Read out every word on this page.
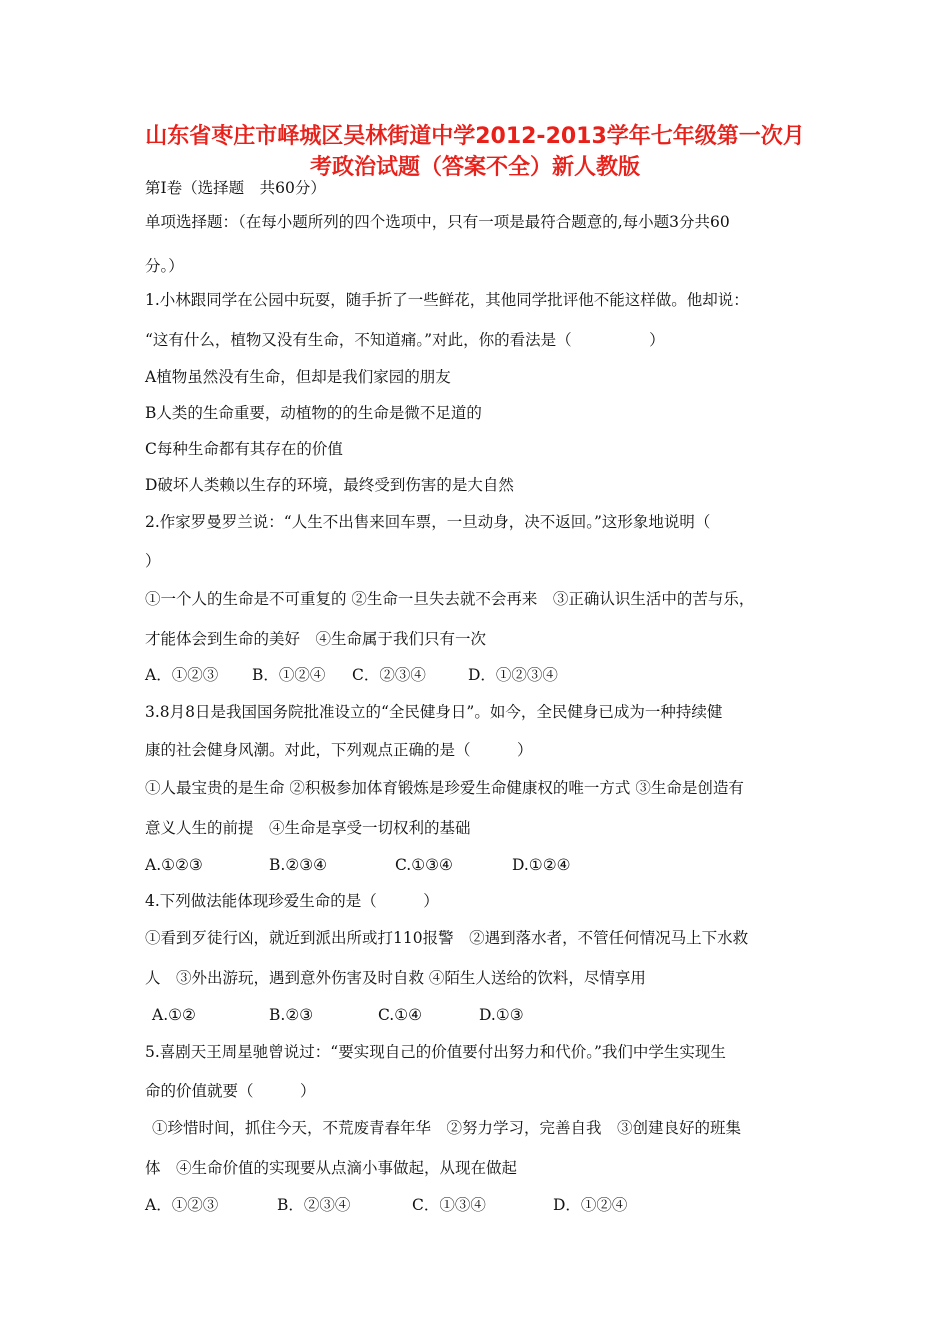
山东省枣庄市峄城区吴林街道中学2012-2013学年七年级第一次月
考政治试题（答案不全）新人教版
第Ⅰ卷（选择题　共60分）
单项选择题：（在每小题所列的四个选项中，只有一项是最符合题意的,每小题3分共60
分。）
1.小林跟同学在公园中玩耍，随手折了一些鲜花，其他同学批评他不能这样做。他却说：
“这有什么，植物又没有生命，不知道痛。”对此，你的看法是（　　　　　）
A植物虽然没有生命，但却是我们家园的朋友
B人类的生命重要，动植物的的生命是微不足道的
C每种生命都有其存在的价值
D破坏人类赖以生存的环境，最终受到伤害的是大自然
2.作家罗曼罗兰说：“人生不出售来回车票，一旦动身，决不返回。”这形象地说明（
）
①一个人的生命是不可重复的 ②生命一旦失去就不会再来　③正确认识生活中的苦与乐，
才能体会到生命的美好　④生命属于我们只有一次
A．①②③ B．①②④ C．②③④	D．①②③④
3.8月8日是我国国务院批准设立的“全民健身日”。如今，全民健身已成为一种持续健
康的社会健身风潮。对此，下列观点正确的是（　　　）
①人最宝贵的是生命 ②积极参加体育锻炼是珍爱生命健康权的唯一方式 ③生命是创造有
意义人生的前提　④生命是享受一切权利的基础
A.①②③	B.②③④	C.①③④	D.①②④
4.下列做法能体现珍爱生命的是（　　　）
①看到歹徒行凶，就近到派出所或打110报警　②遇到落水者，不管任何情况马上下水救
人　③外出游玩，遇到意外伤害及时自救 ④陌生人送给的饮料，尽情享用
A.①②	B.②③	C.①④	D.①③
5.喜剧天王周星驰曾说过：“要实现自己的价值要付出努力和代价。”我们中学生实现生
命的价值就要（　　　）
①珍惜时间，抓住今天，不荒废青春年华　②努力学习，完善自我　③创建良好的班集
体　④生命价值的实现要从点滴小事做起，从现在做起
A．①②③	B．②③④	C．①③④	D．①②④
